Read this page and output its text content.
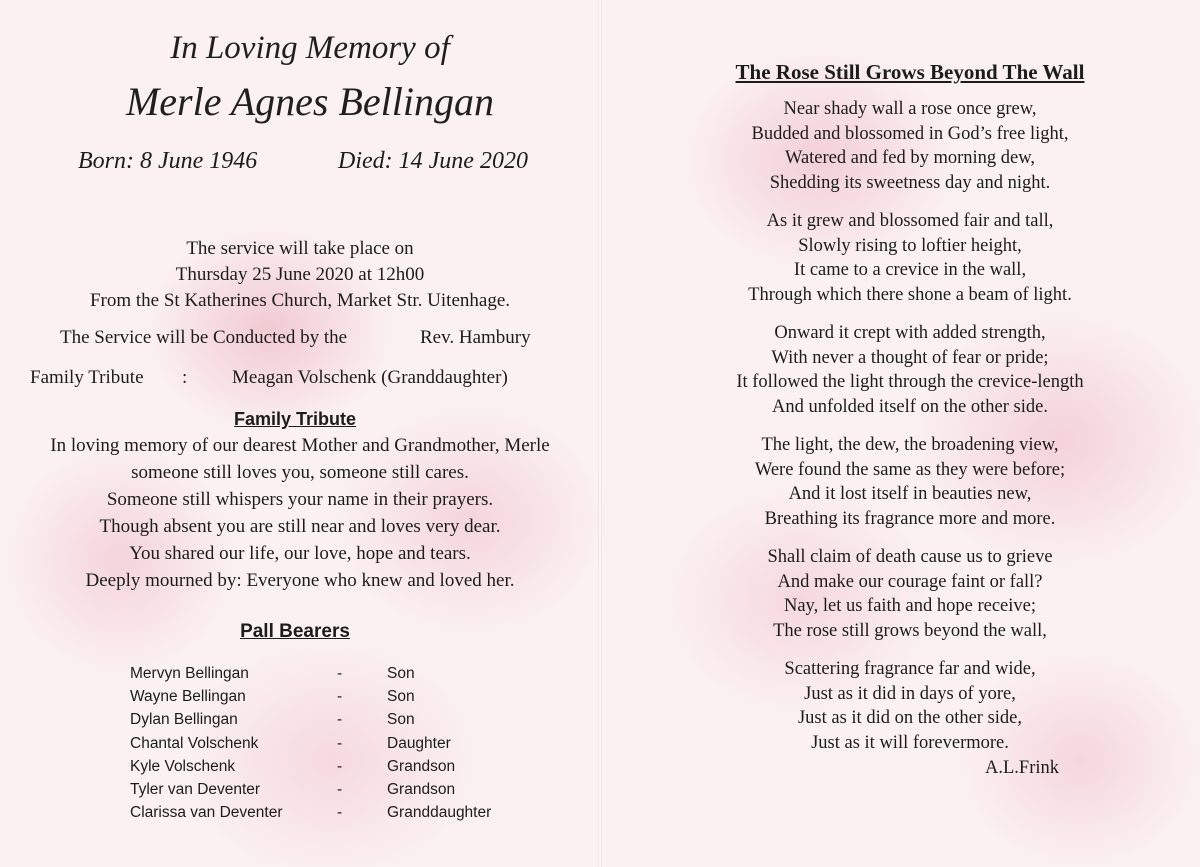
In Loving Memory of
Merle Agnes Bellingan
Born: 8 June 1946	Died: 14 June 2020

The service will take place on

Thursday 25 June 2020 at 12h00

From the St Katherines Church, Market Str. Uitenhage.

The Service will be Conducted by the	Rev. Hambury
Family Tribute : Meagan Volschenk (Granddaughter)
Family Tribute

In loving memory of our dearest Mother and Grandmother, Merle

someone still loves you, someone still cares.

Someone still whispers your name in their prayers.

Though absent you are still near and loves very dear.

You shared our life, our love, hope and tears.

Deeply mourned by: Everyone who knew and loved her.

Pall Bearers
Mervyn Bellingan	-	Son
Wayne Bellingan	-	Son
Dylan Bellingan	-	Son
Chantal Volschenk	-	Daughter
Kyle Volschenk	-	Grandson
Tyler van Deventer	-	Grandson
Clarissa van Deventer	-	Granddaughter
The Rose Still Grows Beyond The Wall
Near shady wall a rose once grew,
Budded and blossomed in God’s free light,
Watered and fed by morning dew,
Shedding its sweetness day and night.
As it grew and blossomed fair and tall,
Slowly rising to loftier height,
It came to a crevice in the wall,
Through which there shone a beam of light.
Onward it crept with added strength,
With never a thought of fear or pride;
It followed the light through the crevice-length
And unfolded itself on the other side.
The light, the dew, the broadening view,
Were found the same as they were before;
And it lost itself in beauties new,
Breathing its fragrance more and more.
Shall claim of death cause us to grieve
And make our courage faint or fall?
Nay, let us faith and hope receive;
The rose still grows beyond the wall,
Scattering fragrance far and wide,
Just as it did in days of yore,
Just as it did on the other side,
Just as it will forevermore.
A.L.Frink
